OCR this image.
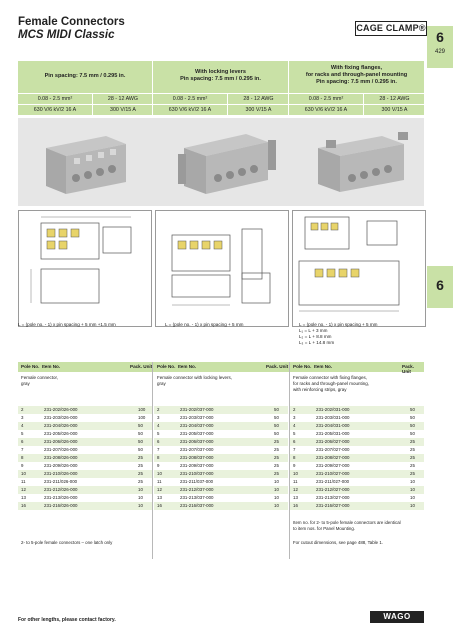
Female Connectors
MCS MIDI Classic
CAGE CLAMP®
6
429
6
Pin spacing: 7.5 mm / 0.295 in.
0.08 - 2.5 mm²	28 - 12 AWG
630 V/6 kV/2 16 A	300 V/15 A
With locking levers
Pin spacing: 7.5 mm / 0.295 in.
0.08 - 2.5 mm²	28 - 12 AWG
630 V/6 kV/2 16 A	300 V/15 A
With fixing flanges,
for racks and through-panel mounting
Pin spacing: 7.5 mm / 0.295 in.
0.08 - 2.5 mm²	28 - 12 AWG
630 V/6 kV/2 16 A	300 V/15 A
L = (pole no. - 1) x pin spacing + 5 mm +1.5 mm	L = (pole no. - 1) x pin spacing + 5 mm	L = (pole no. - 1) x pin spacing + 5 mm
L₁ = L + 3 mm
L₂ = L + 8.8 mm
L₃ = L + 14.8 mm
Pole No. Item No.	Pack. Unit Pole No. Item No.	Pack. Unit Pole No. Item No.	Pack. Unit
Female connector,
gray
2	231-202/026-000	100
3	231-203/026-000	100
4	231-204/026-000	50
5	231-205/026-000	50
6	231-206/026-000	50
7	231-207/026-000	50
8	231-208/026-000	25
9	231-209/026-000	25
10	231-210/026-000	25
11	231-211/026-000	25
12	231-212/026-000	10
13	231-213/026-000	10
16	231-216/026-000	10
2- to 5-pole female connectors – one latch only
Female connector with locking levers,
gray
2	231-202/037-000	50
3	231-203/037-000	50
4	231-204/037-000	50
5	231-205/037-000	50
6	231-206/037-000	25
7	231-207/037-000	25
8	231-208/037-000	25
9	231-209/037-000	25
10	231-210/037-000	25
11	231-211/037-000	10
12	231-212/037-000	10
13	231-213/037-000	10
16	231-216/037-000	10
Female connector with fixing flanges,
for racks and through-panel mounting,
with reinforcing strips, gray
2	231-202/031-000	50
3	231-203/031-000	50
4	231-204/031-000	50
5	231-205/031-000	50
6	231-206/027-000	25
7	231-207/027-000	25
8	231-208/027-000	25
9	231-209/027-000	25
10	231-210/027-000	25
11	231-211/027-000	10
12	231-212/027-000	10
13	231-213/027-000	10
16	231-216/027-000	10
Item no. for 2- to 5-pole female connectors are identical
to item nos. for Panel Mounting.
For cutout dimensions, see page 488, Table 1.
For other lengths, please contact factory.	WAGO
